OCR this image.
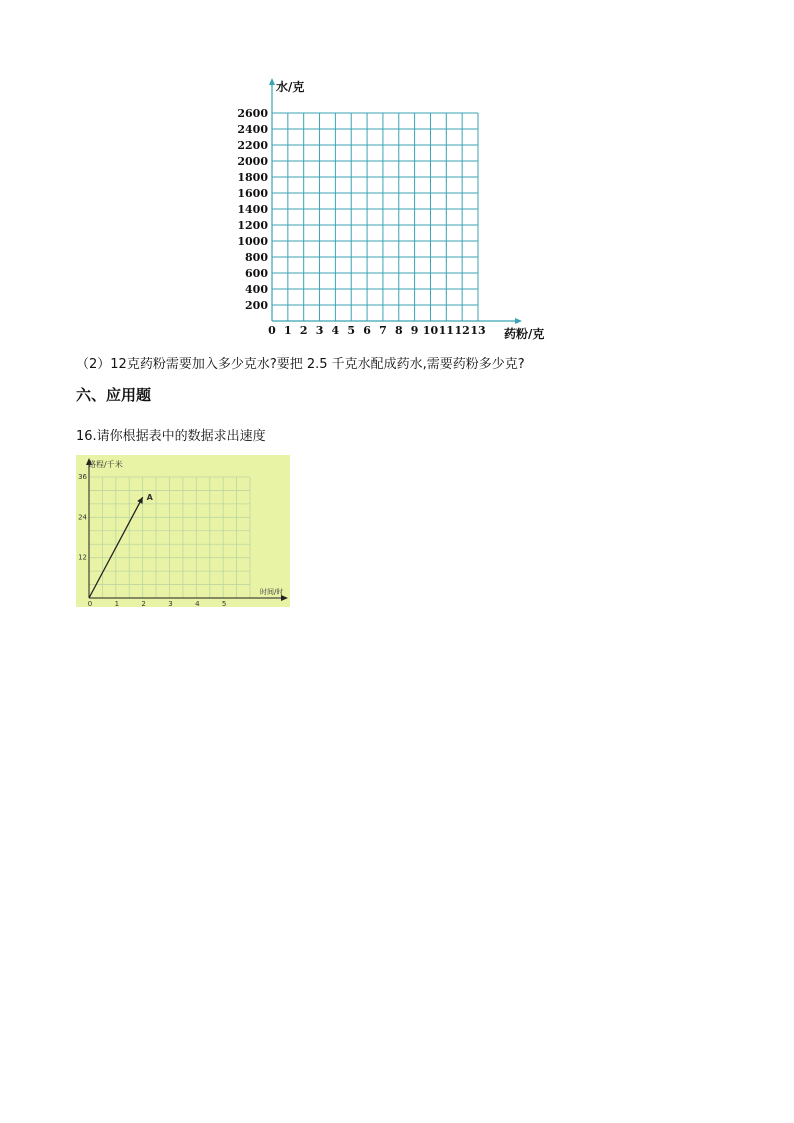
200
400
600
800
1000
1200
1400
1600
1800
2000
2200
2400
2600
0 1 2 3 4 5 6 7 8 9 10 11 12 13
水/克
药粉/克
（2）12克药粉需要加入多少克水?要把 2.5 千克水配成药水,需要药粉多少克?
六、应用题
16.请你根据表中的数据求出速度
0	1	2	3	4	5
12
24
36
A
路程/千米
时间/时
